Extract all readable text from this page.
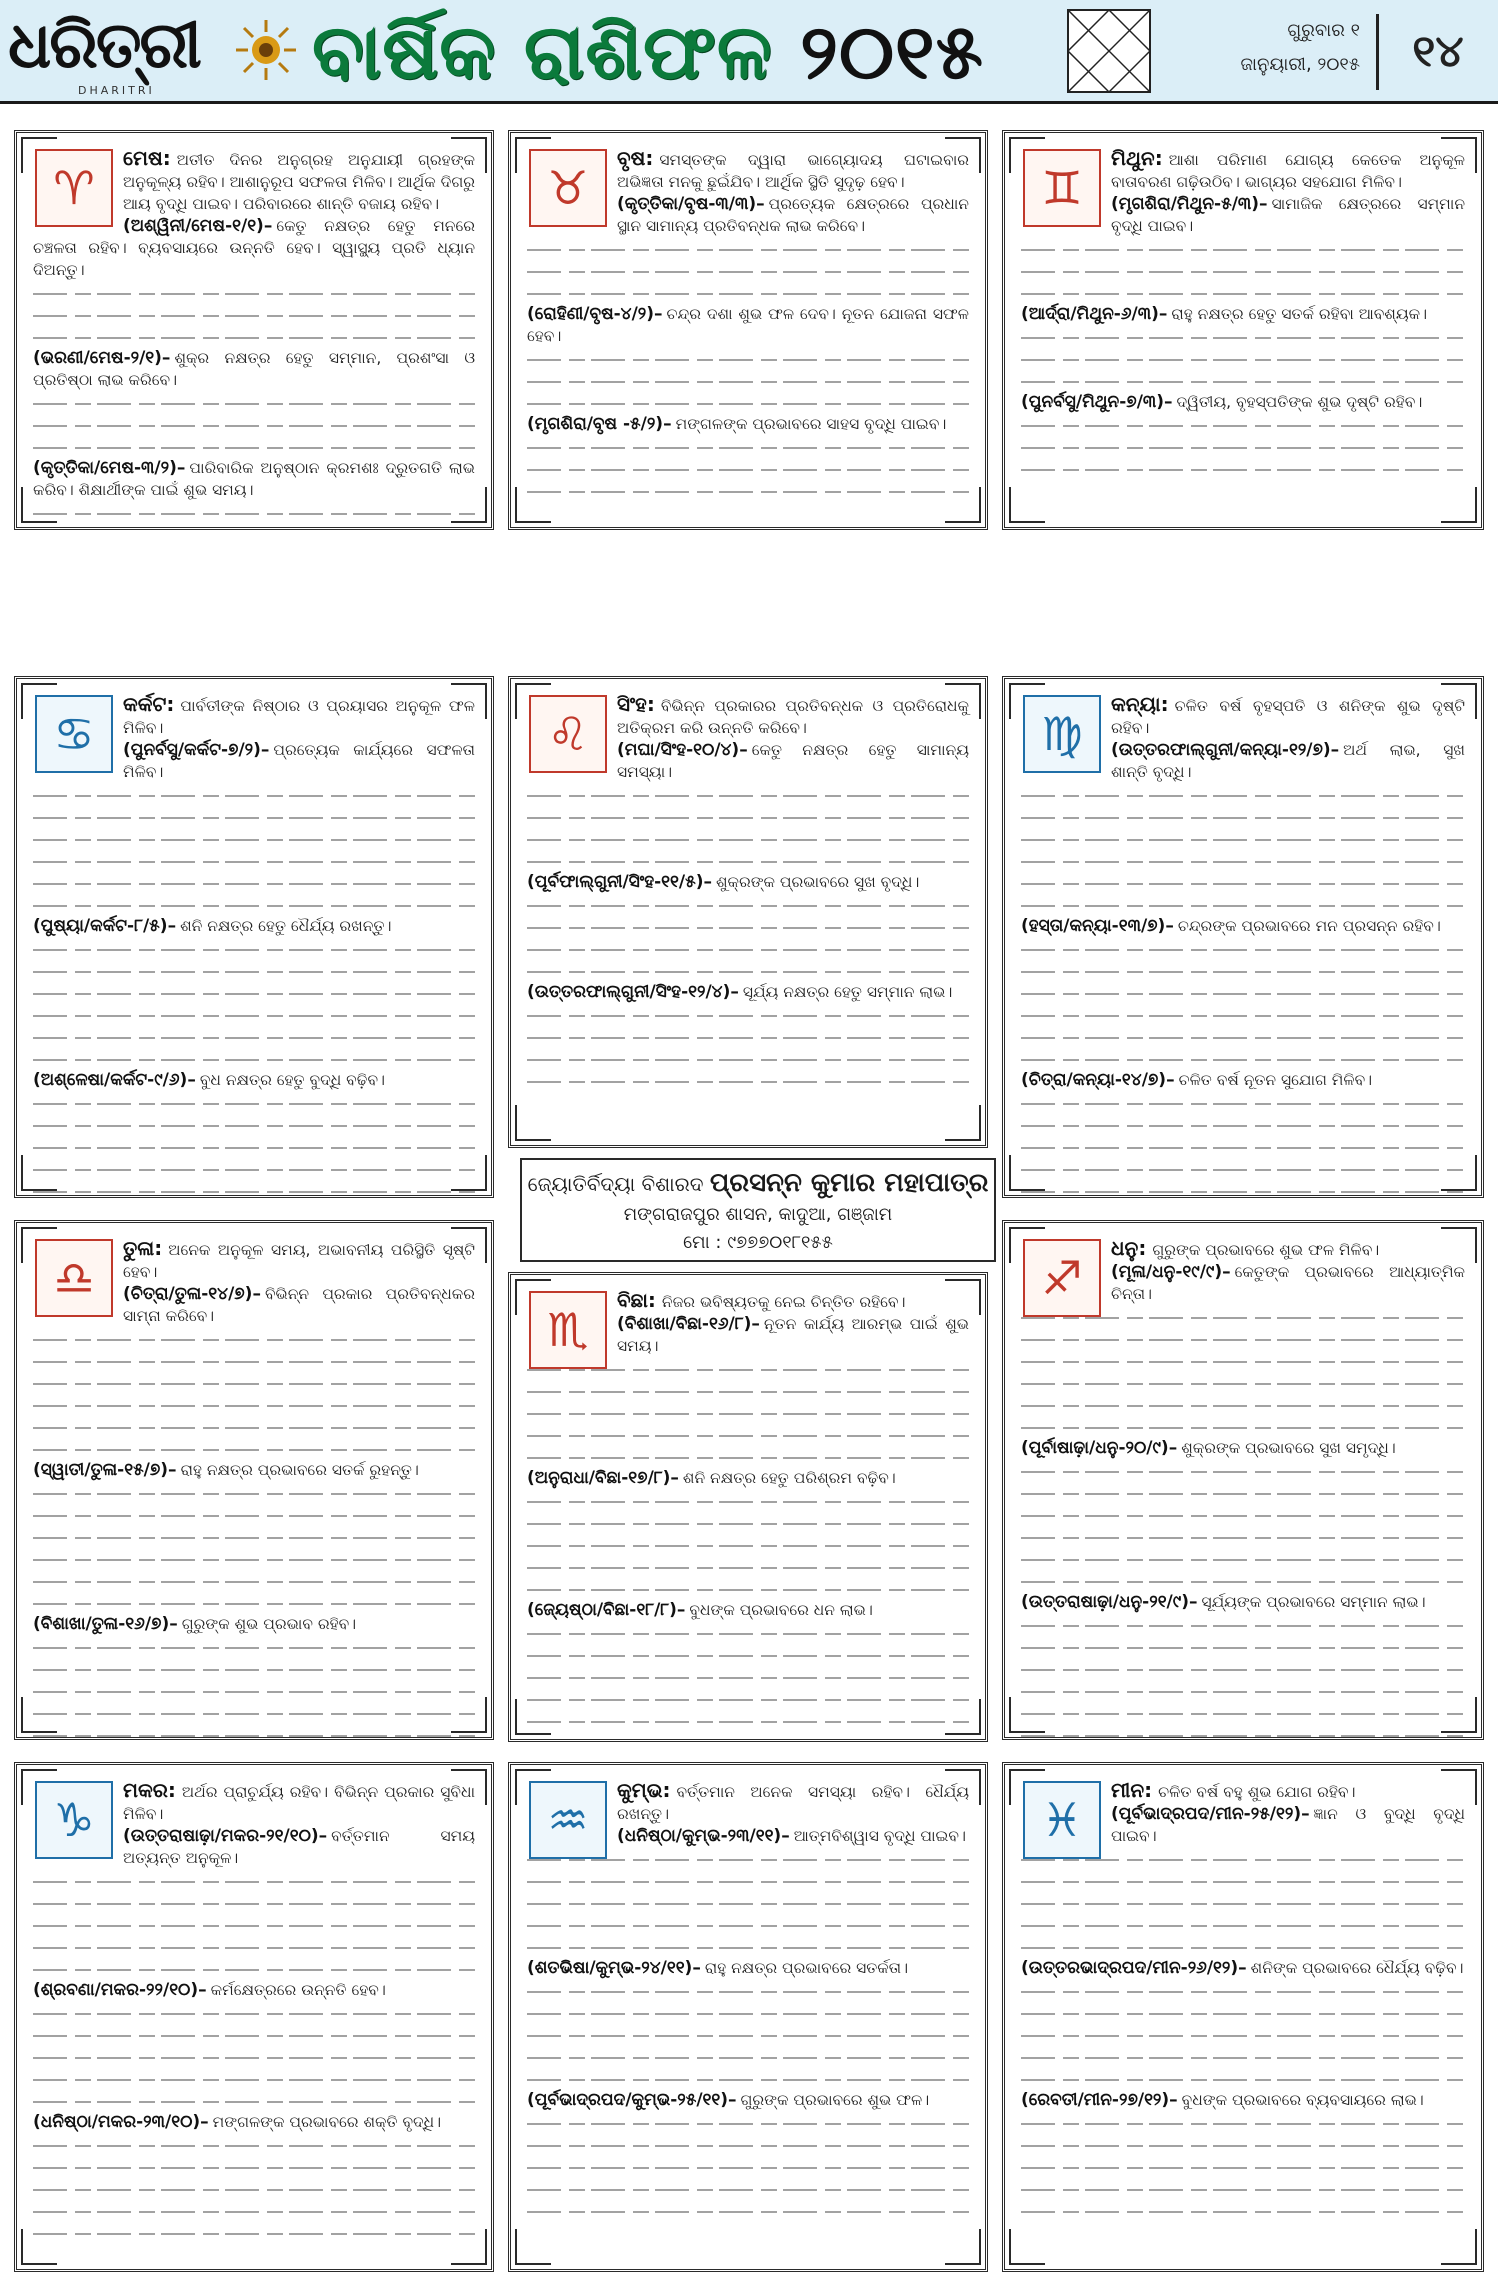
ଧରିତ୍ରୀ
DHARITRI ବାର୍ଷିକ ରାଶିଫଳ ୨୦୧୫	ଗୁରୁବାର ୧
ଜାନୁୟାରୀ, ୨୦୧୫	୧୪
♈
ମେଷ: ଅତୀତ ଦିନର ଅନୁଗ୍ରହ ଅନୁଯାୟୀ ଗ୍ରହଙ୍କ ଅନୁକୂଳ୍ୟ ରହିବ। ଆଶାନୁରୂପ ସଫଳତା ମିଳିବ। ଆର୍ଥିକ ଦିଗରୁ ଆୟ ବୃଦ୍ଧି ପାଇବ। ପରିବାରରେ ଶାନ୍ତି ବଜାୟ ରହିବ।
(ଅଶ୍ୱିନୀ/ମେଷ-୧/୧)– କେତୁ ନକ୍ଷତ୍ର ହେତୁ ମନରେ ଚଞ୍ଚଳତା ରହିବ। ବ୍ୟବସାୟରେ ଉନ୍ନତି ହେବ। ସ୍ୱାସ୍ଥ୍ୟ ପ୍ରତି ଧ୍ୟାନ ଦିଅନ୍ତୁ।
(ଭରଣୀ/ମେଷ-୨/୧)– ଶୁକ୍ର ନକ୍ଷତ୍ର ହେତୁ ସମ୍ମାନ, ପ୍ରଶଂସା ଓ ପ୍ରତିଷ୍ଠା ଲାଭ କରିବେ।
(କୃତ୍ତିକା/ମେଷ-୩/୨)– ପାରିବାରିକ ଅନୁଷ୍ଠାନ କ୍ରମଶଃ ଦ୍ରୁତଗତି ଲାଭ କରିବ। ଶିକ୍ଷାର୍ଥୀଙ୍କ ପାଇଁ ଶୁଭ ସମୟ।
♉
ବୃଷ: ସମସ୍ତଙ୍କ ଦ୍ୱାରା ଭାଗ୍ୟୋଦୟ ଘଟାଇବାର ଅଭିଜ୍ଞତା ମନକୁ ଛୁଇଁଯିବ। ଆର୍ଥିକ ସ୍ଥିତି ସୁଦୃଢ଼ ହେବ।
(କୃତ୍ତିକା/ବୃଷ-୩/୩)– ପ୍ରତ୍ୟେକ କ୍ଷେତ୍ରରେ ପ୍ରଧାନ ସ୍ଥାନ ସାମାନ୍ୟ ପ୍ରତିବନ୍ଧକ ଲାଭ କରିବେ।
(ରୋହିଣୀ/ବୃଷ-୪/୨)– ଚନ୍ଦ୍ର ଦଶା ଶୁଭ ଫଳ ଦେବ। ନୂତନ ଯୋଜନା ସଫଳ ହେବ।
(ମୃଗଶିରା/ବୃଷ -୫/୨)– ମଙ୍ଗଳଙ୍କ ପ୍ରଭାବରେ ସାହସ ବୃଦ୍ଧି ପାଇବ।
♊
ମିଥୁନ: ଆଶା ପରିମାଣ ଯୋଗ୍ୟ କେତେକ ଅନୁକୂଳ ବାତାବରଣ ଗଢ଼ିଉଠିବ। ଭାଗ୍ୟର ସହଯୋଗ ମିଳିବ।
(ମୃଗଶିରା/ମିଥୁନ-୫/୩)– ସାମାଜିକ କ୍ଷେତ୍ରରେ ସମ୍ମାନ ବୃଦ୍ଧି ପାଇବ।
(ଆର୍ଦ୍ରା/ମିଥୁନ-୬/୩)– ରାହୁ ନକ୍ଷତ୍ର ହେତୁ ସତର୍କ ରହିବା ଆବଶ୍ୟକ।
(ପୁନର୍ବସୁ/ମିଥୁନ-୭/୩)– ଦ୍ୱିତୀୟ, ବୃହସ୍ପତିଙ୍କ ଶୁଭ ଦୃଷ୍ଟି ରହିବ।
♋
କର୍କଟ: ପାର୍ବତୀଙ୍କ ନିଷ୍ଠାର ଓ ପ୍ରୟାସର ଅନୁକୂଳ ଫଳ ମିଳିବ।
(ପୁନର୍ବସୁ/କର୍କଟ-୭/୨)– ପ୍ରତ୍ୟେକ କାର୍ଯ୍ୟରେ ସଫଳତା ମିଳିବ।
(ପୁଷ୍ୟା/କର୍କଟ-୮/୫)– ଶନି ନକ୍ଷତ୍ର ହେତୁ ଧୈର୍ଯ୍ୟ ରଖନ୍ତୁ।
(ଅଶ୍ଳେଷା/କର୍କଟ-୯/୬)– ବୁଧ ନକ୍ଷତ୍ର ହେତୁ ବୁଦ୍ଧି ବଢ଼ିବ।
♌
ସିଂହ: ବିଭିନ୍ନ ପ୍ରକାରର ପ୍ରତିବନ୍ଧକ ଓ ପ୍ରତିରୋଧକୁ ଅତିକ୍ରମ କରି ଉନ୍ନତି କରିବେ।
(ମଘା/ସିଂହ-୧୦/୪)– କେତୁ ନକ୍ଷତ୍ର ହେତୁ ସାମାନ୍ୟ ସମସ୍ୟା।
(ପୂର୍ବଫାଲ୍‌ଗୁନୀ/ସିଂହ-୧୧/୫)– ଶୁକ୍ରଙ୍କ ପ୍ରଭାବରେ ସୁଖ ବୃଦ୍ଧି।
(ଉତ୍ତରଫାଲ୍‌ଗୁନୀ/ସିଂହ-୧୨/୪)– ସୂର୍ଯ୍ୟ ନକ୍ଷତ୍ର ହେତୁ ସମ୍ମାନ ଲାଭ।
♍
କନ୍ୟା: ଚଳିତ ବର୍ଷ ବୃହସ୍ପତି ଓ ଶନିଙ୍କ ଶୁଭ ଦୃଷ୍ଟି ରହିବ।
(ଉତ୍ତରଫାଲ୍‌ଗୁନୀ/କନ୍ୟା-୧୨/୭)– ଅର୍ଥ ଲାଭ, ସୁଖ ଶାନ୍ତି ବୃଦ୍ଧି।
(ହସ୍ତା/କନ୍ୟା-୧୩/୭)– ଚନ୍ଦ୍ରଙ୍କ ପ୍ରଭାବରେ ମନ ପ୍ରସନ୍ନ ରହିବ।
(ଚିତ୍ରା/କନ୍ୟା-୧୪/୭)– ଚଳିତ ବର୍ଷ ନୂତନ ସୁଯୋଗ ମିଳିବ।
♎
ତୁଳା: ଅନେକ ଅନୁକୂଳ ସମୟ, ଅଭାବନୀୟ ପରିସ୍ଥିତି ସୃଷ୍ଟି ହେବ।
(ଚିତ୍ରା/ତୁଳା-୧୪/୭)– ବିଭିନ୍ନ ପ୍ରକାର ପ୍ରତିବନ୍ଧକର ସାମ୍ନା କରିବେ।
(ସ୍ୱାତୀ/ତୁଳା-୧୫/୭)– ରାହୁ ନକ୍ଷତ୍ର ପ୍ରଭାବରେ ସତର୍କ ରୁହନ୍ତୁ।
(ବିଶାଖା/ତୁଳା-୧୬/୭)– ଗୁରୁଙ୍କ ଶୁଭ ପ୍ରଭାବ ରହିବ।
♏
ବିଛା: ନିଜର ଭବିଷ୍ୟତକୁ ନେଇ ଚିନ୍ତିତ ରହିବେ।
(ବିଶାଖା/ବିଛା-୧୬/୮)– ନୂତନ କାର୍ଯ୍ୟ ଆରମ୍ଭ ପାଇଁ ଶୁଭ ସମୟ।
(ଅନୁରାଧା/ବିଛା-୧୭/୮)– ଶନି ନକ୍ଷତ୍ର ହେତୁ ପରିଶ୍ରମ ବଢ଼ିବ।
(ଜ୍ୟେଷ୍ଠା/ବିଛା-୧୮/୮)– ବୁଧଙ୍କ ପ୍ରଭାବରେ ଧନ ଲାଭ।
♐
ଧନୁ: ଗୁରୁଙ୍କ ପ୍ରଭାବରେ ଶୁଭ ଫଳ ମିଳିବ।
(ମୂଳା/ଧନୁ-୧୯/୯)– କେତୁଙ୍କ ପ୍ରଭାବରେ ଆଧ୍ୟାତ୍ମିକ ଚିନ୍ତା।
(ପୂର୍ବାଷାଢ଼ା/ଧନୁ-୨୦/୯)– ଶୁକ୍ରଙ୍କ ପ୍ରଭାବରେ ସୁଖ ସମୃଦ୍ଧି।
(ଉତ୍ତରାଷାଢ଼ା/ଧନୁ-୨୧/୯)– ସୂର୍ଯ୍ୟଙ୍କ ପ୍ରଭାବରେ ସମ୍ମାନ ଲାଭ।
♑
ମକର: ଅର୍ଥର ପ୍ରାଚୁର୍ଯ୍ୟ ରହିବ। ବିଭିନ୍ନ ପ୍ରକାର ସୁବିଧା ମିଳିବ।
(ଉତ୍ତରାଷାଢ଼ା/ମକର-୨୧/୧୦)– ବର୍ତ୍ତମାନ ସମୟ ଅତ୍ୟନ୍ତ ଅନୁକୂଳ।
(ଶ୍ରବଣା/ମକର-୨୨/୧୦)– କର୍ମକ୍ଷେତ୍ରରେ ଉନ୍ନତି ହେବ।
(ଧନିଷ୍ଠା/ମକର-୨୩/୧୦)– ମଙ୍ଗଳଙ୍କ ପ୍ରଭାବରେ ଶକ୍ତି ବୃଦ୍ଧି।
♒
କୁମ୍ଭ: ବର୍ତ୍ତମାନ ଅନେକ ସମସ୍ୟା ରହିବ। ଧୈର୍ଯ୍ୟ ରଖନ୍ତୁ।
(ଧନିଷ୍ଠା/କୁମ୍ଭ-୨୩/୧୧)– ଆତ୍ମବିଶ୍ୱାସ ବୃଦ୍ଧି ପାଇବ।
(ଶତଭିଷା/କୁମ୍ଭ-୨୪/୧୧)– ରାହୁ ନକ୍ଷତ୍ର ପ୍ରଭାବରେ ସତର୍କତା।
(ପୂର୍ବଭାଦ୍ରପଦ/କୁମ୍ଭ-୨୫/୧୧)– ଗୁରୁଙ୍କ ପ୍ରଭାବରେ ଶୁଭ ଫଳ।
♓
ମୀନ: ଚଳିତ ବର୍ଷ ବହୁ ଶୁଭ ଯୋଗ ରହିବ।
(ପୂର୍ବଭାଦ୍ରପଦ/ମୀନ-୨୫/୧୨)– ଜ୍ଞାନ ଓ ବୁଦ୍ଧି ବୃଦ୍ଧି ପାଇବ।
(ଉତ୍ତରଭାଦ୍ରପଦ/ମୀନ-୨୬/୧୨)– ଶନିଙ୍କ ପ୍ରଭାବରେ ଧୈର୍ଯ୍ୟ ବଢ଼ିବ।
(ରେବତୀ/ମୀନ-୨୭/୧୨)– ବୁଧଙ୍କ ପ୍ରଭାବରେ ବ୍ୟବସାୟରେ ଲାଭ।
ଜ୍ୟୋତିର୍ବିଦ୍ୟା ବିଶାରଦ ପ୍ରସନ୍ନ କୁମାର ମହାପାତ୍ର
ମଙ୍ଗରାଜପୁର ଶାସନ, କାଦୁଆ, ଗଞ୍ଜାମ
ମୋ : ୯୭୭୭୦୧୮୧୫୫
